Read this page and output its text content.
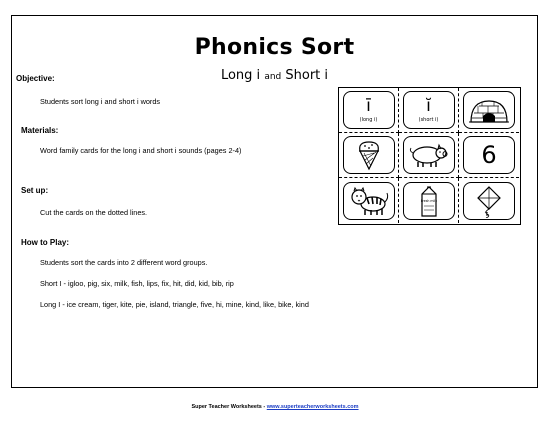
Phonics Sort
Long i and Short i
Objective:
Students sort long i and short i words
Materials:
Word family cards for the long i and short i sounds (pages 2-4)
Set up:
Cut the cards on the dotted lines.
How to Play:
Students sort the cards into 2 different word groups.
Short I - igloo, pig, six, milk, fish, lips, fix, hit, did, kid, bib, rip
Long I - ice cream, tiger, kite, pie, island, triangle, five, hi, mine, kind, like, bike, kind
ī
(long i)
ĭ
(short i)
6
Fresh milk
Super Teacher Worksheets - www.superteacherworksheets.com
